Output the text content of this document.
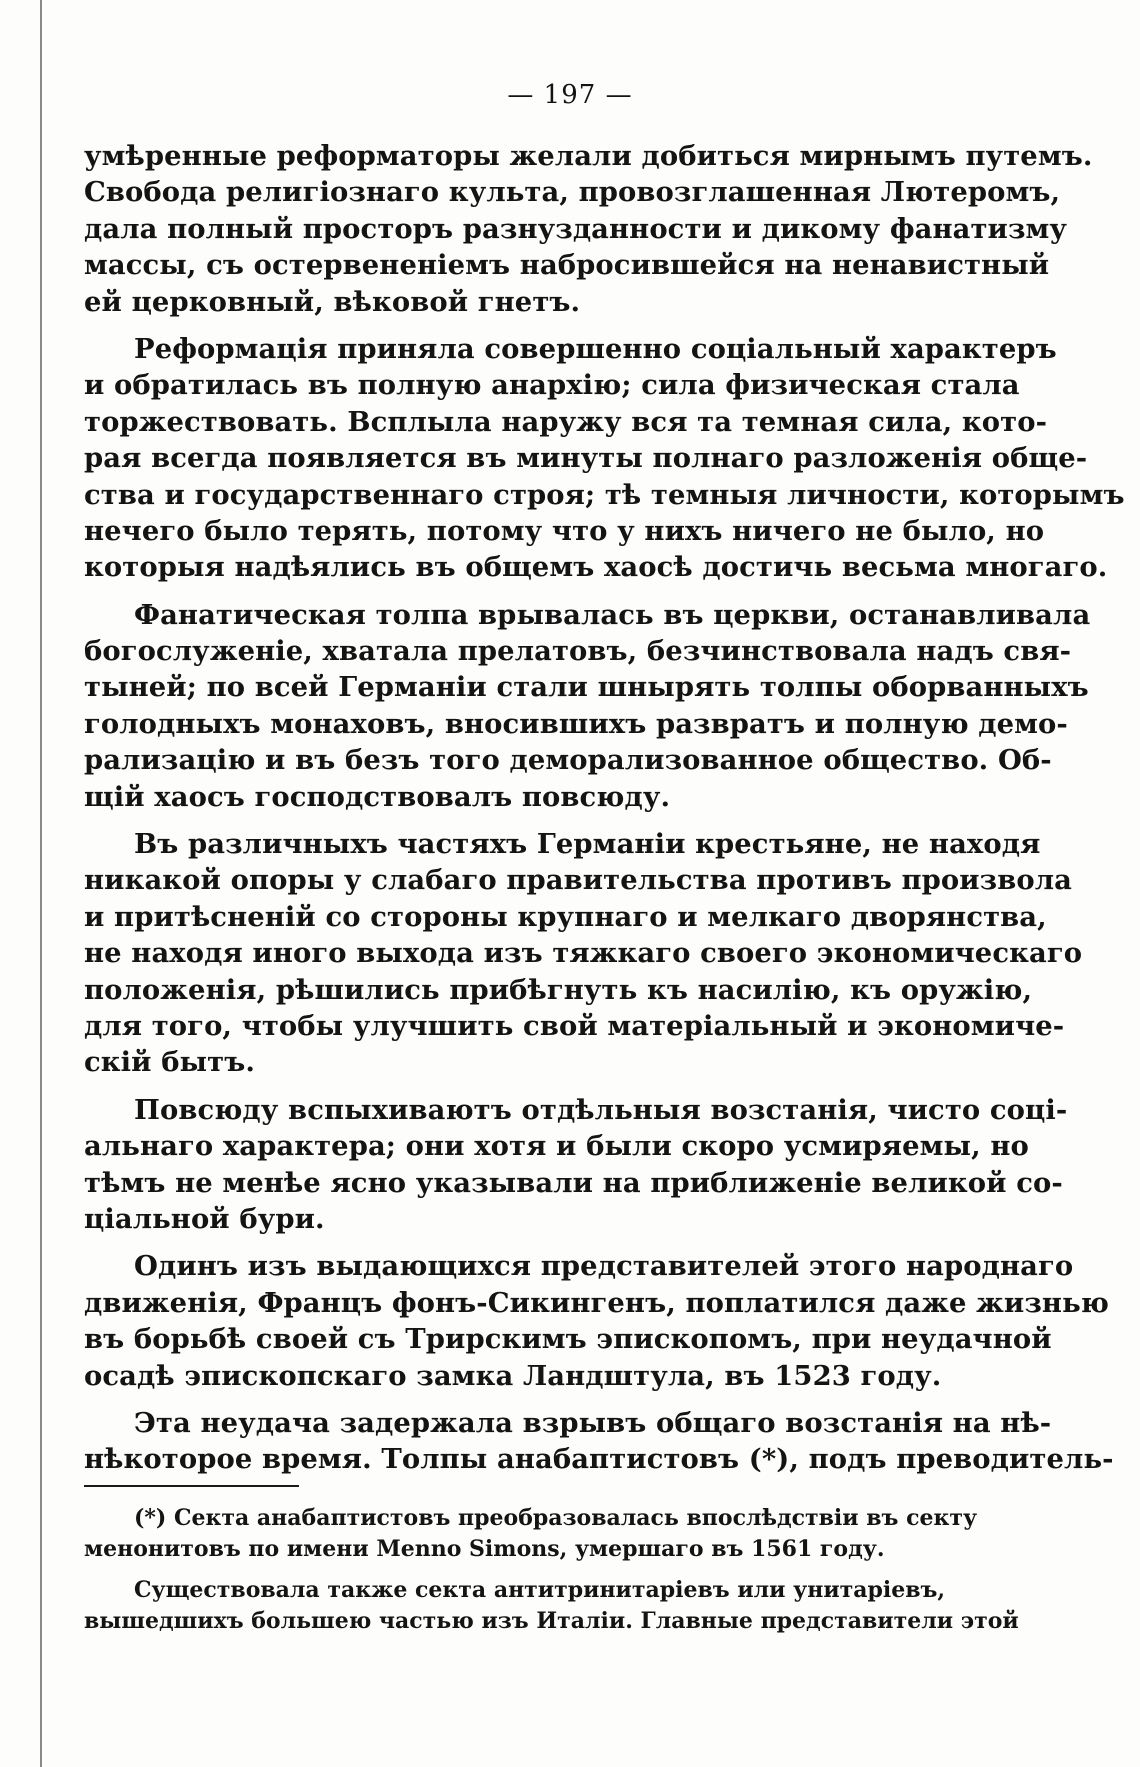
— 197 —
умѣренные реформаторы желали добиться мирнымъ путемъ.
Свобода религіознаго культа, провозглашенная Лютеромъ,
дала полный просторъ разнузданности и дикому фанатизму
массы, съ остервененіемъ набросившейся на ненавистный
ей церковный, вѣковой гнетъ.
Реформація приняла совершенно соціальный характеръ
и обратилась въ полную анархію; сила физическая стала
торжествовать. Всплыла наружу вся та темная сила, кото-
рая всегда появляется въ минуты полнаго разложенія обще-
ства и государственнаго строя; тѣ темныя личности, которымъ
нечего было терять, потому что у нихъ ничего не было, но
которыя надѣялись въ общемъ хаосѣ достичь весьма многаго.
Фанатическая толпа врывалась въ церкви, останавливала
богослуженіе, хватала прелатовъ, безчинствовала надъ свя-
тыней; по всей Германіи стали шнырять толпы оборванныхъ
голодныхъ монаховъ, вносившихъ развратъ и полную демо-
рализацію и въ безъ того деморализованное общество. Об-
щій хаосъ господствовалъ повсюду.
Въ различныхъ частяхъ Германіи крестьяне, не находя
никакой опоры у слабаго правительства противъ произвола
и притѣсненій со стороны крупнаго и мелкаго дворянства,
не находя иного выхода изъ тяжкаго своего экономическаго
положенія, рѣшились прибѣгнуть къ насилію, къ оружію,
для того, чтобы улучшить свой матеріальный и экономиче-
скій бытъ.
Повсюду вспыхиваютъ отдѣльныя возстанія, чисто соці-
альнаго характера; они хотя и были скоро усмиряемы, но
тѣмъ не менѣе ясно указывали на приближеніе великой со-
ціальной бури.
Одинъ изъ выдающихся представителей этого народнаго
движенія, Францъ фонъ-Сикингенъ, поплатился даже жизнью
въ борьбѣ своей съ Трирскимъ эпископомъ, при неудачной
осадѣ эпископскаго замка Ландштула, въ 1523 году.
Эта неудача задержала взрывъ общаго возстанія на нѣ-
нѣкоторое время. Толпы анабаптистовъ (*), подъ преводитель-
(*) Секта анабаптистовъ преобразовалась впослѣдствіи въ секту
менонитовъ по имени Menno Simons, умершаго въ 1561 году.
Существовала также секта антитринитаріевъ или унитаріевъ,
вышедшихъ большею частью изъ Италіи. Главные представители этой
